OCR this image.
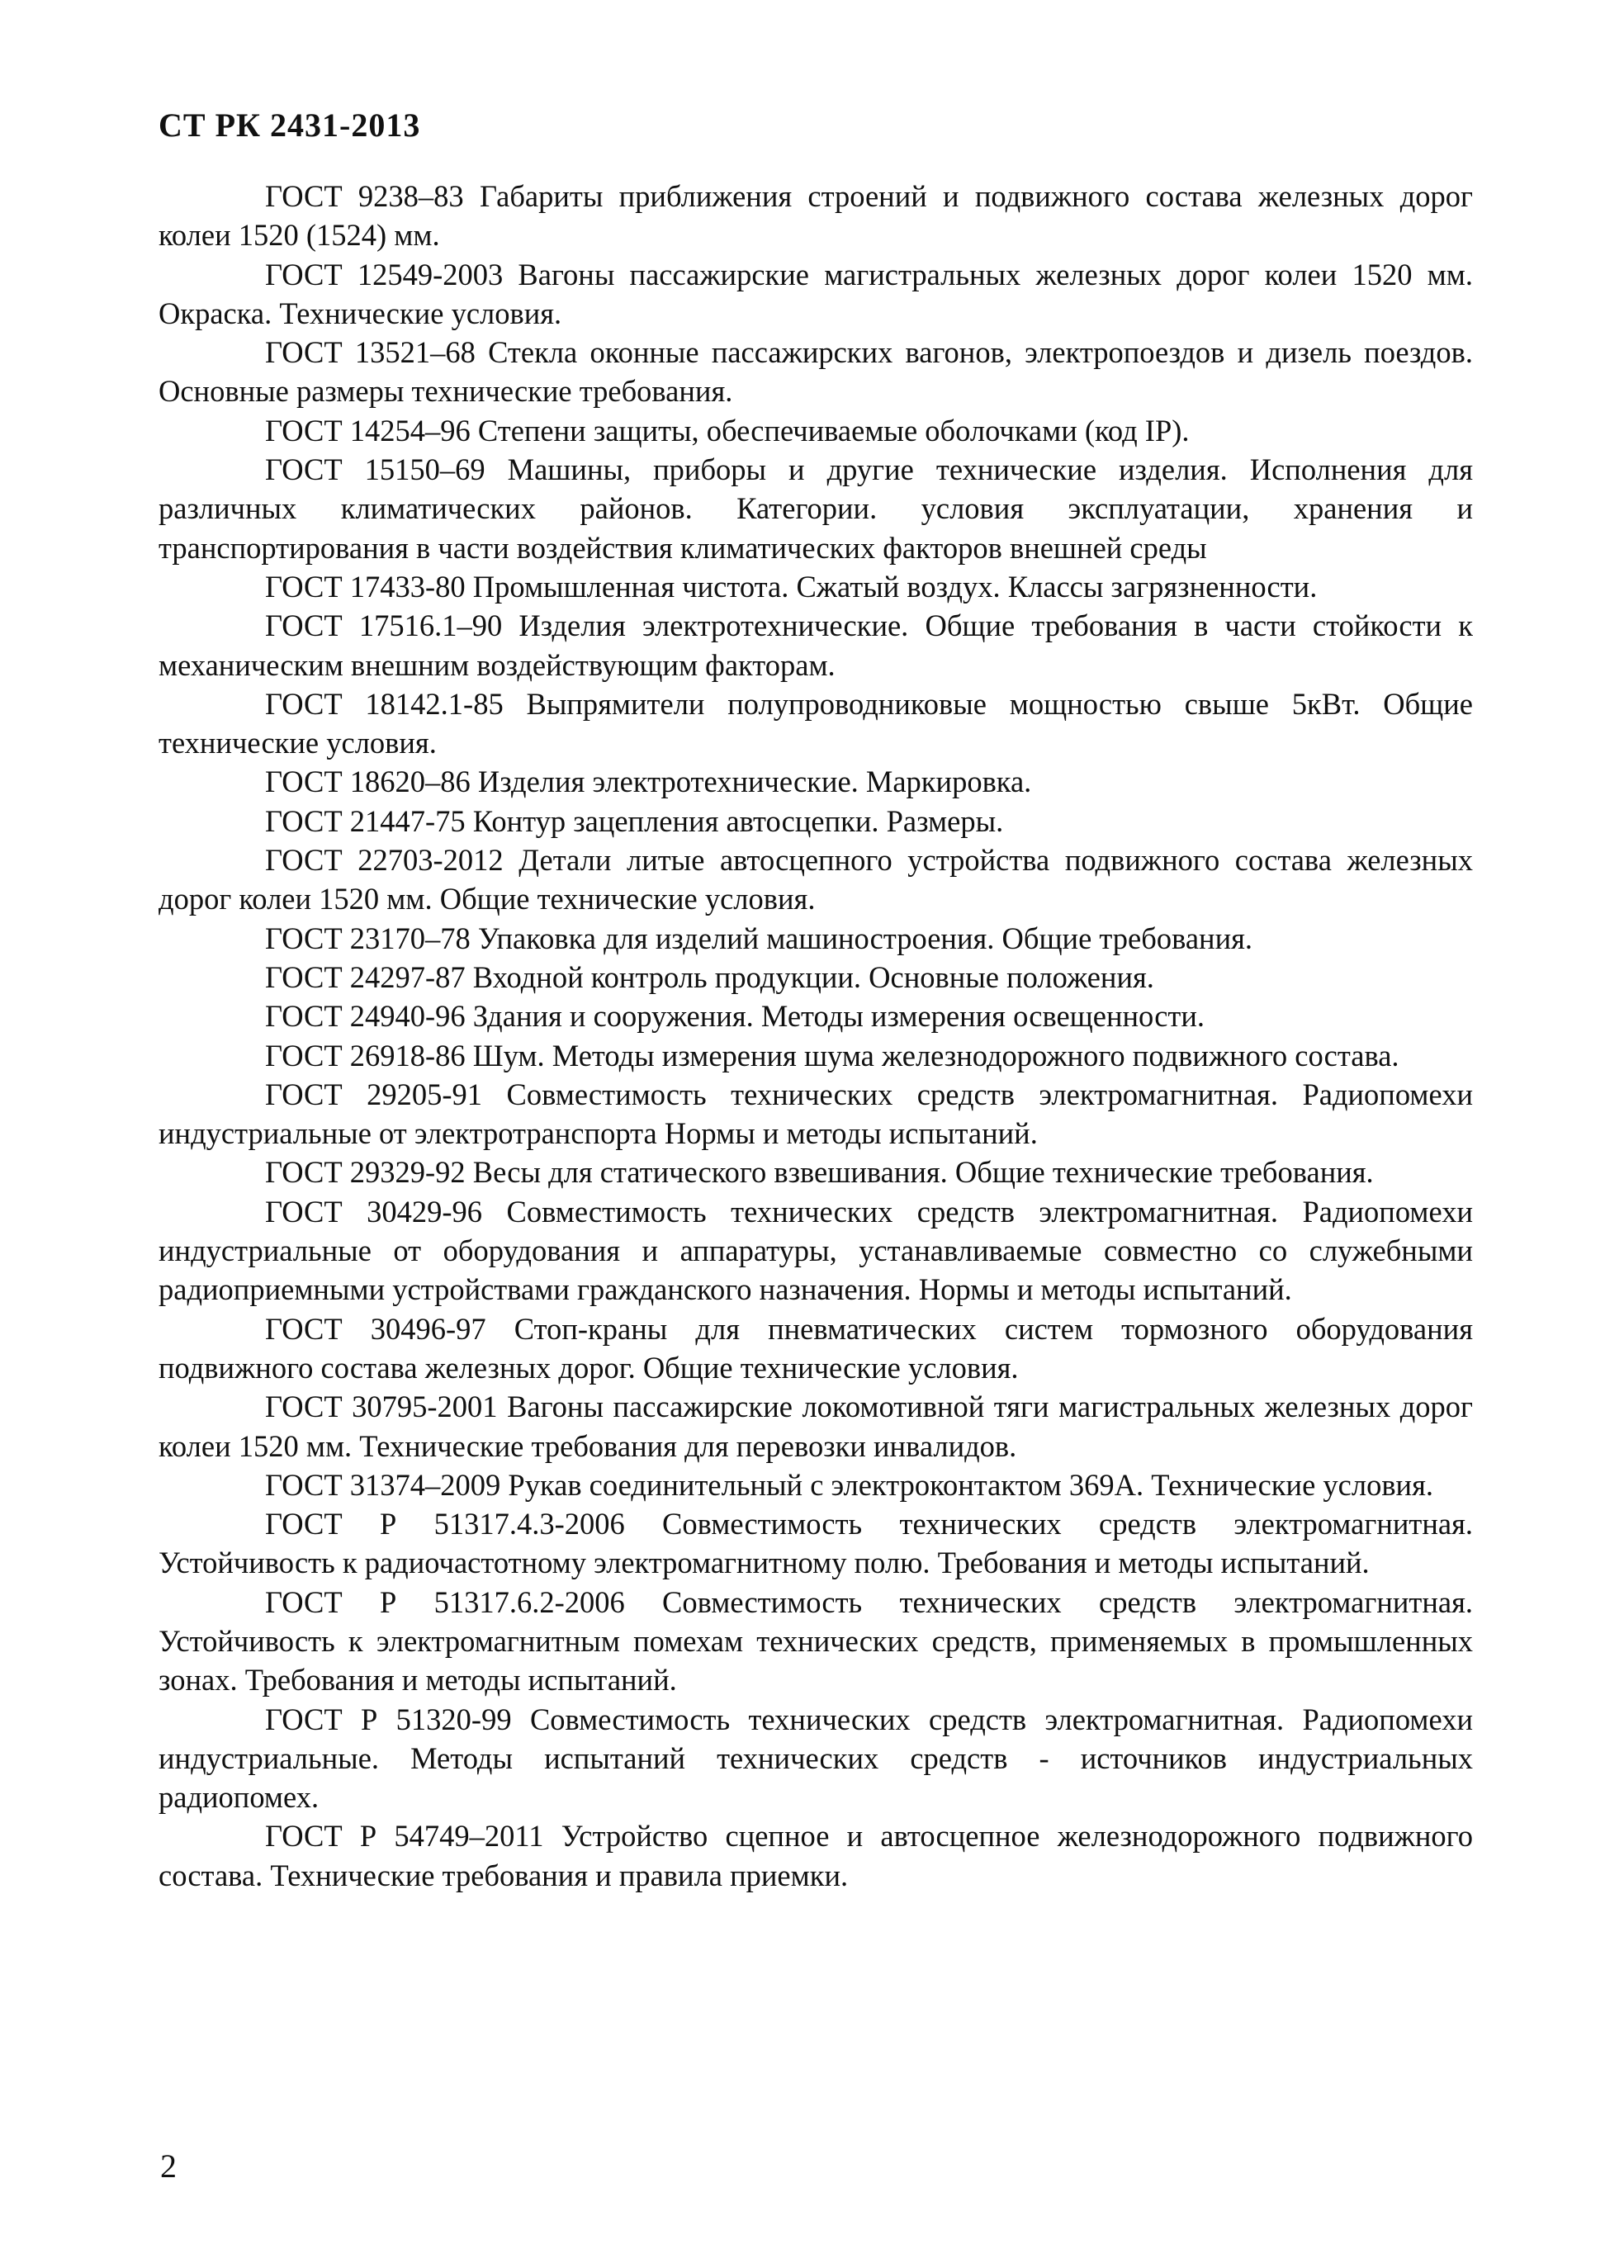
СТ РК 2431-2013

ГОСТ 9238–83 Габариты приближения строений и подвижного состава железных дорог колеи 1520 (1524) мм.

ГОСТ 12549-2003 Вагоны пассажирские магистральных железных дорог колеи 1520 мм. Окраска. Технические условия.

ГОСТ 13521–68 Стекла оконные пассажирских вагонов, электропоездов и дизель поездов. Основные размеры технические требования.

ГОСТ 14254–96 Степени защиты, обеспечиваемые оболочками (код IP).

ГОСТ 15150–69 Машины, приборы и другие технические изделия. Исполнения для различных климатических районов. Категории. условия эксплуатации, хранения и транспортирования в части воздействия климатических факторов внешней среды

ГОСТ 17433-80 Промышленная чистота. Сжатый воздух. Классы загрязненности.

ГОСТ 17516.1–90 Изделия электротехнические. Общие требования в части стойкости к механическим внешним воздействующим факторам.

ГОСТ 18142.1-85 Выпрямители полупроводниковые мощностью свыше 5кВт. Общие технические условия.

ГОСТ 18620–86 Изделия электротехнические. Маркировка.

ГОСТ 21447-75 Контур зацепления автосцепки. Размеры.

ГОСТ 22703-2012 Детали литые автосцепного устройства подвижного состава железных дорог колеи 1520 мм. Общие технические условия.

ГОСТ 23170–78 Упаковка для изделий машиностроения. Общие требования.

ГОСТ 24297-87 Входной контроль продукции. Основные положения.

ГОСТ 24940-96 Здания и сооружения. Методы измерения освещенности.

ГОСТ 26918-86 Шум. Методы измерения шума железнодорожного подвижного состава.

ГОСТ 29205-91 Совместимость технических средств электромагнитная. Радиопомехи индустриальные от электротранспорта Нормы и методы испытаний.

ГОСТ 29329-92 Весы для статического взвешивания. Общие технические требования.

ГОСТ 30429-96 Совместимость технических средств электромагнитная. Радиопомехи индустриальные от оборудования и аппаратуры, устанавливаемые совместно со служебными радиоприемными устройствами гражданского назначения. Нормы и методы испытаний.

ГОСТ 30496-97 Стоп-краны для пневматических систем тормозного оборудования подвижного состава железных дорог. Общие технические условия.

ГОСТ 30795-2001 Вагоны пассажирские локомотивной тяги магистральных железных дорог колеи 1520 мм. Технические требования для перевозки инвалидов.

ГОСТ 31374–2009 Рукав соединительный с электроконтактом 369А. Технические условия.

ГОСТ Р 51317.4.3-2006 Совместимость технических средств электромагнитная. Устойчивость к радиочастотному электромагнитному полю. Требования и методы испытаний.

ГОСТ Р 51317.6.2-2006 Совместимость технических средств электромагнитная. Устойчивость к электромагнитным помехам технических средств, применяемых в промышленных зонах. Требования и методы испытаний.

ГОСТ Р 51320-99 Совместимость технических средств электромагнитная. Радиопомехи индустриальные. Методы испытаний технических средств - источников индустриальных радиопомех.

ГОСТ Р 54749–2011 Устройство сцепное и автосцепное железнодорожного подвижного состава. Технические требования и правила приемки.

2
